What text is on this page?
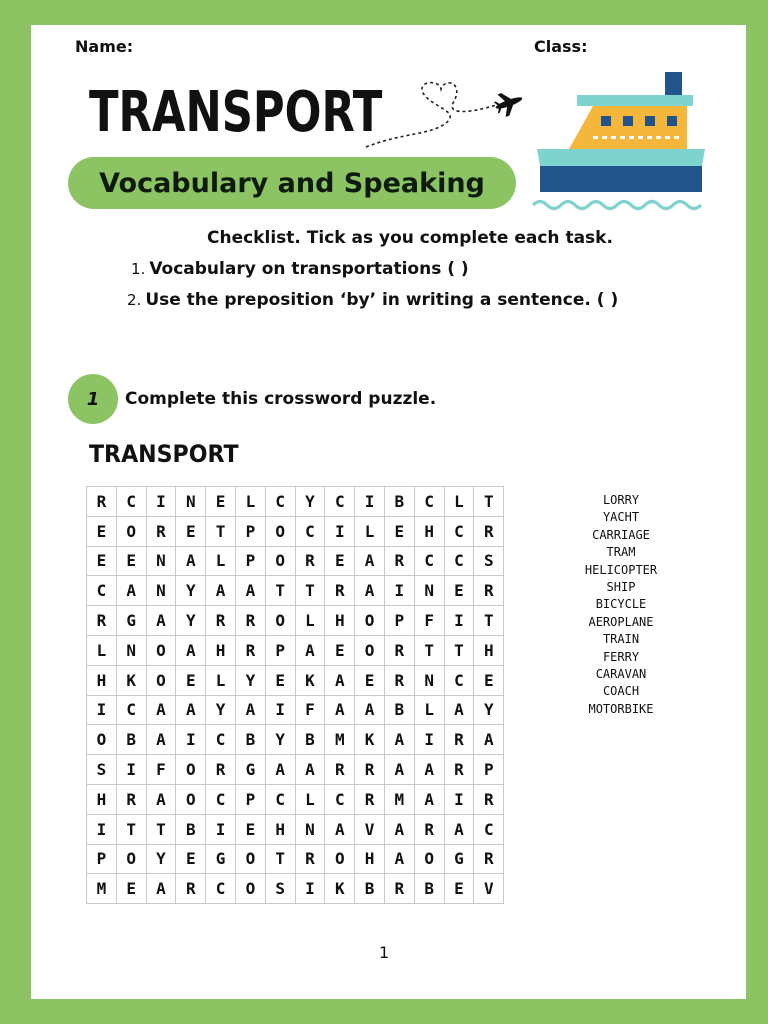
Name:	Class:
TRANSPORT
Vocabulary and Speaking
Checklist. Tick as you complete each task.
1. Vocabulary on transportations ( )
2. Use the preposition ‘by’ in writing a sentence. ( )
1 Complete this crossword puzzle.
TRANSPORT
R	C	I	N	E	L	C	Y	C	I	B	C	L	T
E	O	R	E	T	P	O	C	I	L	E	H	C	R
E	E	N	A	L	P	O	R	E	A	R	C	C	S
C	A	N	Y	A	A	T	T	R	A	I	N	E	R
R	G	A	Y	R	R	O	L	H	O	P	F	I	T
L	N	O	A	H	R	P	A	E	O	R	T	T	H
H	K	O	E	L	Y	E	K	A	E	R	N	C	E
I	C	A	A	Y	A	I	F	A	A	B	L	A	Y
O	B	A	I	C	B	Y	B	M	K	A	I	R	A
S	I	F	O	R	G	A	A	R	R	A	A	R	P
H	R	A	O	C	P	C	L	C	R	M	A	I	R
I	T	T	B	I	E	H	N	A	V	A	R	A	C
P	O	Y	E	G	O	T	R	O	H	A	O	G	R
M	E	A	R	C	O	S	I	K	B	R	B	E	V
LORRY
YACHT
CARRIAGE
TRAM
HELICOPTER
SHIP
BICYCLE
AEROPLANE
TRAIN
FERRY
CARAVAN
COACH
MOTORBIKE
1
